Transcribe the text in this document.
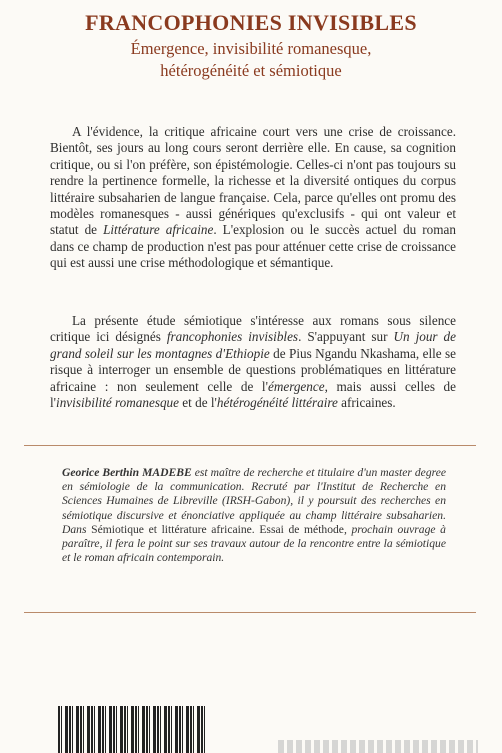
FRANCOPHONIES INVISIBLES
Émergence, invisibilité romanesque,
hétérogénéité et sémiotique
A l'évidence, la critique africaine court vers une crise de croissance. Bientôt, ses jours au long cours seront derrière elle. En cause, sa cognition critique, ou si l'on préfère, son épistémologie. Celles-ci n'ont pas toujours su rendre la pertinence formelle, la richesse et la diversité ontiques du corpus littéraire subsaharien de langue française. Cela, parce qu'elles ont promu des modèles romanesques - aussi génériques qu'exclusifs - qui ont valeur et statut de Littérature africaine. L'explosion ou le succès actuel du roman dans ce champ de production n'est pas pour atténuer cette crise de croissance qui est aussi une crise méthodologique et sémantique.
La présente étude sémiotique s'intéresse aux romans sous silence critique ici désignés francophonies invisibles. S'appuyant sur Un jour de grand soleil sur les montagnes d'Ethiopie de Pius Ngandu Nkashama, elle se risque à interroger un ensemble de questions problématiques en littérature africaine : non seulement celle de l'émergence, mais aussi celles de l'invisibilité romanesque et de l'hétérogénéité littéraire africaines.
Georice Berthin MADEBE est maître de recherche et titulaire d'un master degree en sémiologie de la communication. Recruté par l'Institut de Recherche en Sciences Humaines de Libreville (IRSH-Gabon), il y poursuit des recherches en sémiotique discursive et énonciative appliquée au champ littéraire subsaharien. Dans Sémiotique et littérature africaine. Essai de méthode, prochain ouvrage à paraître, il fera le point sur ses travaux autour de la rencontre entre la sémiotique et le roman africain contemporain.
